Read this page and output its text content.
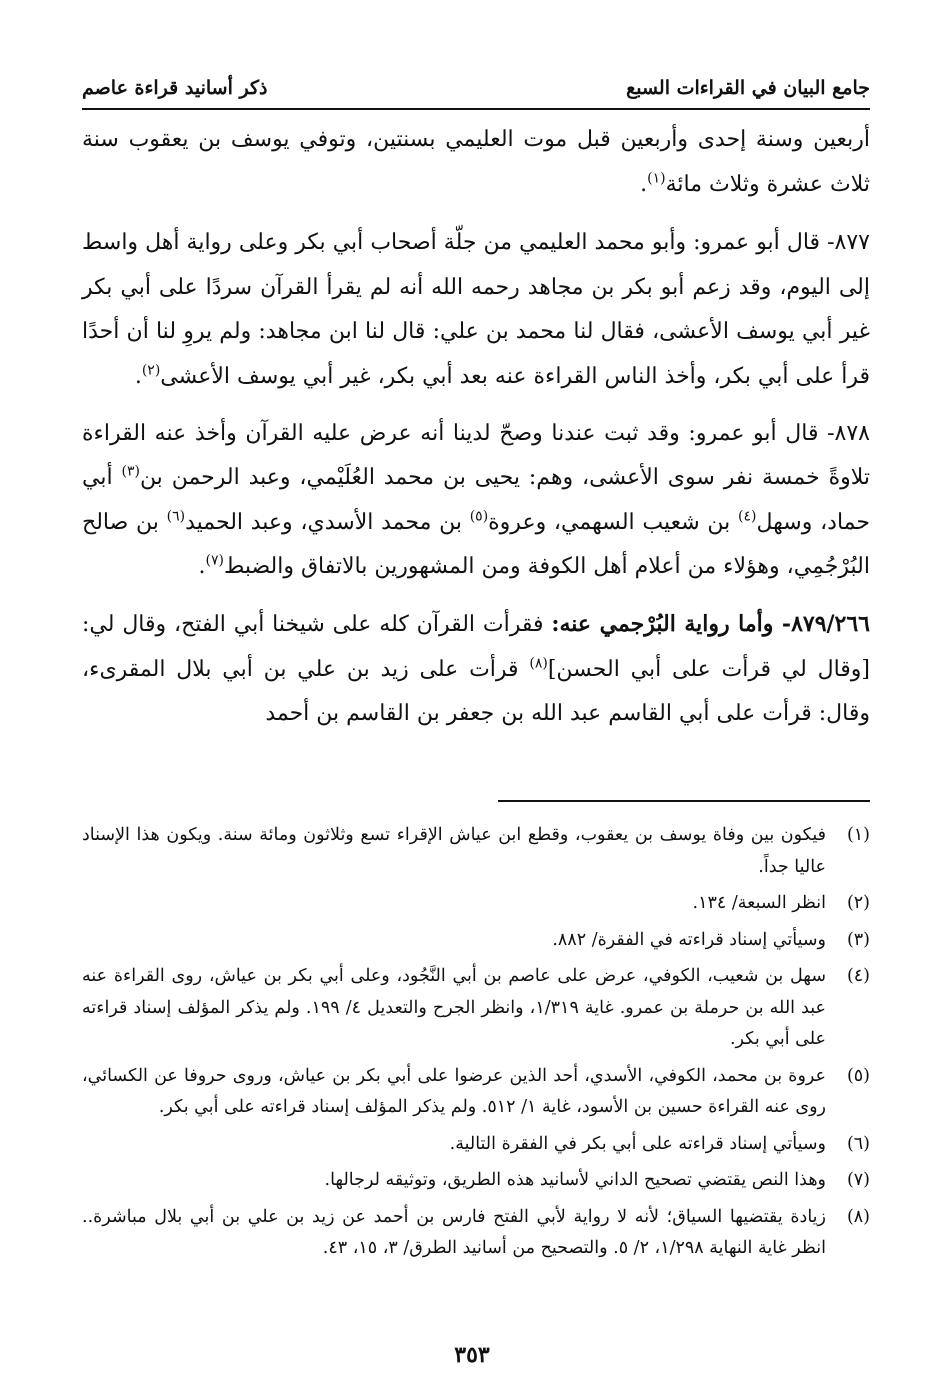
جامع البيان في القراءات السبع
ذكر أسانيد قراءة عاصم

أربعين وسنة إحدى وأربعين قبل موت العليمي بسنتين، وتوفي يوسف بن يعقوب سنة ثلاث عشرة وثلاث مائة$^{(١)}$.

٨٧٧- قال أبو عمرو: وأبو محمد العليمي من جلّة أصحاب أبي بكر وعلى رواية أهل واسط إلى اليوم، وقد زعم أبو بكر بن مجاهد رحمه الله أنه لم يقرأ القرآن سردًا على أبي بكر غير أبي يوسف الأعشى، فقال لنا محمد بن علي: قال لنا ابن مجاهد: ولم يروِ لنا أن أحدًا قرأ على أبي بكر، وأخذ الناس القراءة عنه بعد أبي بكر، غير أبي يوسف الأعشى$^{(٢)}$.

٨٧٨- قال أبو عمرو: وقد ثبت عندنا وصحّ لدينا أنه عرض عليه القرآن وأخذ عنه القراءة تلاوةً خمسة نفر سوى الأعشى، وهم: يحيى بن محمد العُلَيْمي، وعبد الرحمن بن$^{(٣)}$ أبي حماد، وسهل$^{(٤)}$ بن شعيب السهمي، وعروة$^{(٥)}$ بن محمد الأسدي، وعبد الحميد$^{(٦)}$ بن صالح البُرْجُمِي، وهؤلاء من أعلام أهل الكوفة ومن المشهورين بالاتفاق والضبط$^{(٧)}$.

٨٧٩/٢٦٦- وأما رواية البُرْجمي عنه: فقرأت القرآن كله على شيخنا أبي الفتح، وقال لي: [وقال لي قرأت على أبي الحسن]$^{(٨)}$ قرأت على زيد بن علي بن أبي بلال المقرىء، وقال: قرأت على أبي القاسم عبد الله بن جعفر بن القاسم بن أحمد

(١)
فيكون بين وفاة يوسف بن يعقوب، وقطع ابن عياش الإقراء تسع وثلاثون ومائة سنة. ويكون هذا الإسناد عاليا جداً.
(٢)
انظر السبعة/ ١٣٤.
(٣)
وسيأتي إسناد قراءته في الفقرة/ ٨٨٢.
(٤)
سهل بن شعيب، الكوفي، عرض على عاصم بن أبي النَّجُود، وعلى أبي بكر بن عياش، روى القراءة عنه عبد الله بن حرملة بن عمرو. غاية ١/٣١٩، وانظر الجرح والتعديل ٤/ ١٩٩. ولم يذكر المؤلف إسناد قراءته على أبي بكر.
(٥)
عروة بن محمد، الكوفي، الأسدي، أحد الذين عرضوا على أبي بكر بن عياش، وروى حروفا عن الكسائي، روى عنه القراءة حسين بن الأسود، غاية ١/ ٥١٢. ولم يذكر المؤلف إسناد قراءته على أبي بكر.
(٦)
وسيأتي إسناد قراءته على أبي بكر في الفقرة التالية.
(٧)
وهذا النص يقتضي تصحيح الداني لأسانيد هذه الطريق، وتوثيقه لرجالها.
(٨)
زيادة يقتضيها السياق؛ لأنه لا رواية لأبي الفتح فارس بن أحمد عن زيد بن علي بن أبي بلال مباشرة.. انظر غاية النهاية ١/٢٩٨، ٢/ ٥. والتصحيح من أسانيد الطرق/ ٣، ١٥، ٤٣.
٣٥٣
